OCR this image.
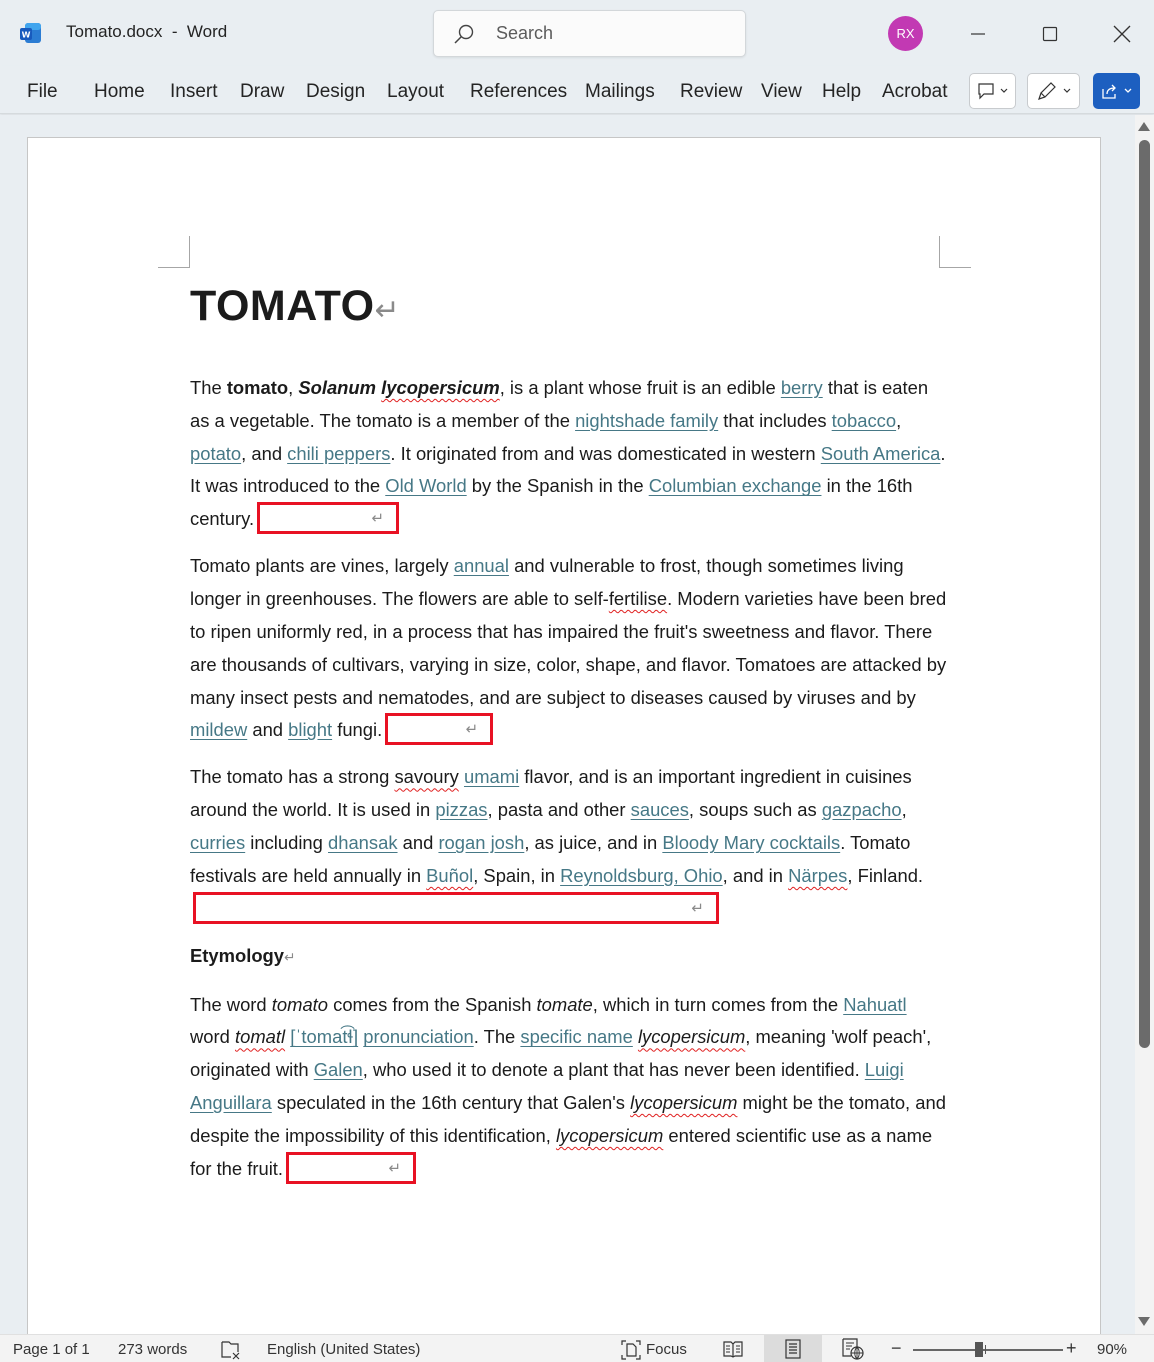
W Tomato.docx  -  Word	Search	RX
File Home Insert Draw Design Layout References Mailings Review View Help Acrobat
TOMATO↵

The tomato, Solanum lycopersicum, is a plant whose fruit is an edible berry that is eaten as a vegetable. The tomato is a member of the nightshade family that includes tobacco, potato, and chili peppers. It originated from and was domesticated in western South America. It was introduced to the Old World by the Spanish in the Columbian exchange in the 16th century.	↵

Tomato plants are vines, largely annual and vulnerable to frost, though sometimes living longer in greenhouses. The flowers are able to self-fertilise. Modern varieties have been bred to ripen uniformly red, in a process that has impaired the fruit's sweetness and flavor. There are thousands of cultivars, varying in size, color, shape, and flavor. Tomatoes are attacked by many insect pests and nematodes, and are subject to diseases caused by viruses and by mildew and blight fungi.	↵

The tomato has a strong savoury umami flavor, and is an important ingredient in cuisines around the world. It is used in pizzas, pasta and other sauces, soups such as gazpacho, curries including dhansak and rogan josh, as juice, and in Bloody Mary cocktails. Tomato festivals are held annually in Buñol, Spain, in Reynoldsburg, Ohio, and in Närpes, Finland.
↵

Etymology↵

The word tomato comes from the Spanish tomate, which in turn comes from the Nahuatl word tomatl [ˈtomat͡ɬ] pronunciation. The specific name lycopersicum, meaning 'wolf peach', originated with Galen, who used it to denote a plant that has never been identified. Luigi Anguillara speculated in the 16th century that Galen's lycopersicum might be the tomato, and despite the impossibility of this identification, lycopersicum entered scientific use as a name for the fruit.	↵

Page 1 of 1 273 words	English (United States)	Focus	−	+ 90%
